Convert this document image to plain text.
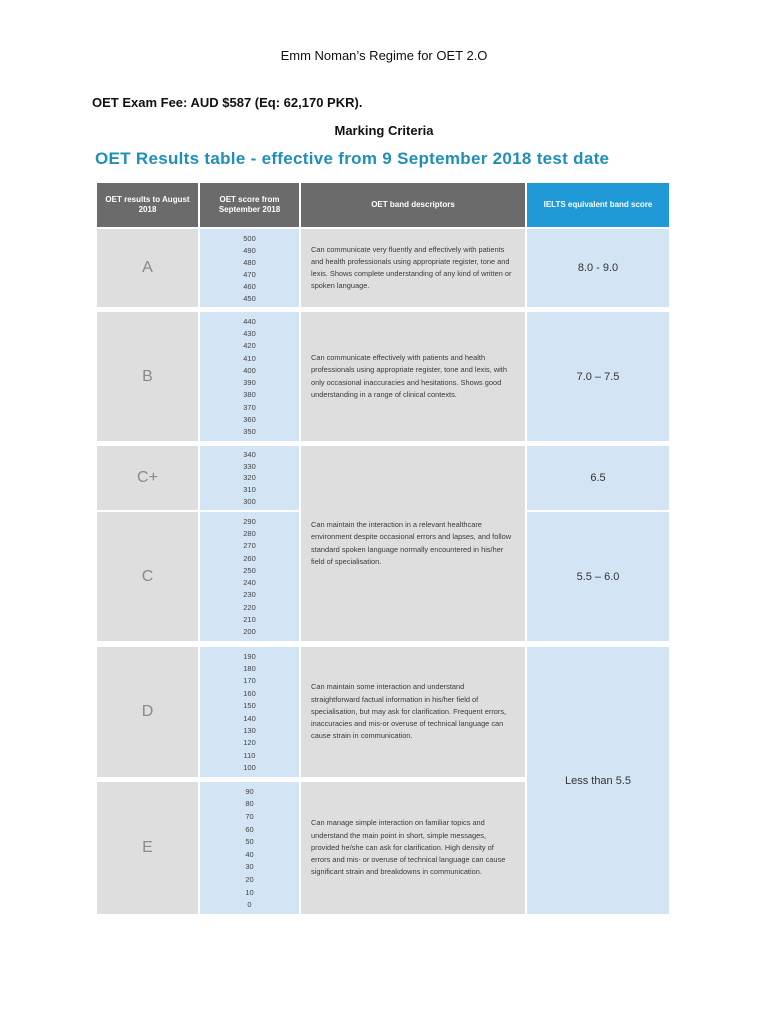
Emm Noman’s Regime for OET 2.O
OET Exam Fee: AUD $587 (Eq: 62,170 PKR).
Marking Criteria
OET Results table - effective from 9 September 2018 test date
OET results to August 2018
OET score from September 2018
OET band descriptors	IELTS equivalent band score
A
500
490
480
470
460
450
Can communicate very fluently and effectively with patients and health professionals using appropriate register, tone and lexis. Shows complete understanding of any kind of written or spoken language.
8.0 - 9.0
B
440
430
420
410
400
390
380
370
360
350
Can communicate effectively with patients and health professionals using appropriate register, tone and lexis, with only occasional inaccuracies and hesitations. Shows good understanding in a range of clinical contexts.
7.0 – 7.5
C+
340
330
320
310
300
C
290
280
270
260
250
240
230
220
210
200
Can maintain the interaction in a relevant healthcare environment despite occasional errors and lapses, and follow standard spoken language normally encountered in his/her field of specialisation.
6.5
5.5 – 6.0
D
190
180
170
160
150
140
130
120
110
100
Can maintain some interaction and understand straightforward factual information in his/her field of specialisation, but may ask for clarification. Frequent errors, inaccuracies and mis-or overuse of technical language can cause strain in communication.
E
90
80
70
60
50
40
30
20
10
0
Can manage simple interaction on familiar topics and understand the main point in short, simple messages, provided he/she can ask for clarification. High density of errors and mis- or overuse of technical language can cause significant strain and breakdowns in communication.
Less than 5.5
